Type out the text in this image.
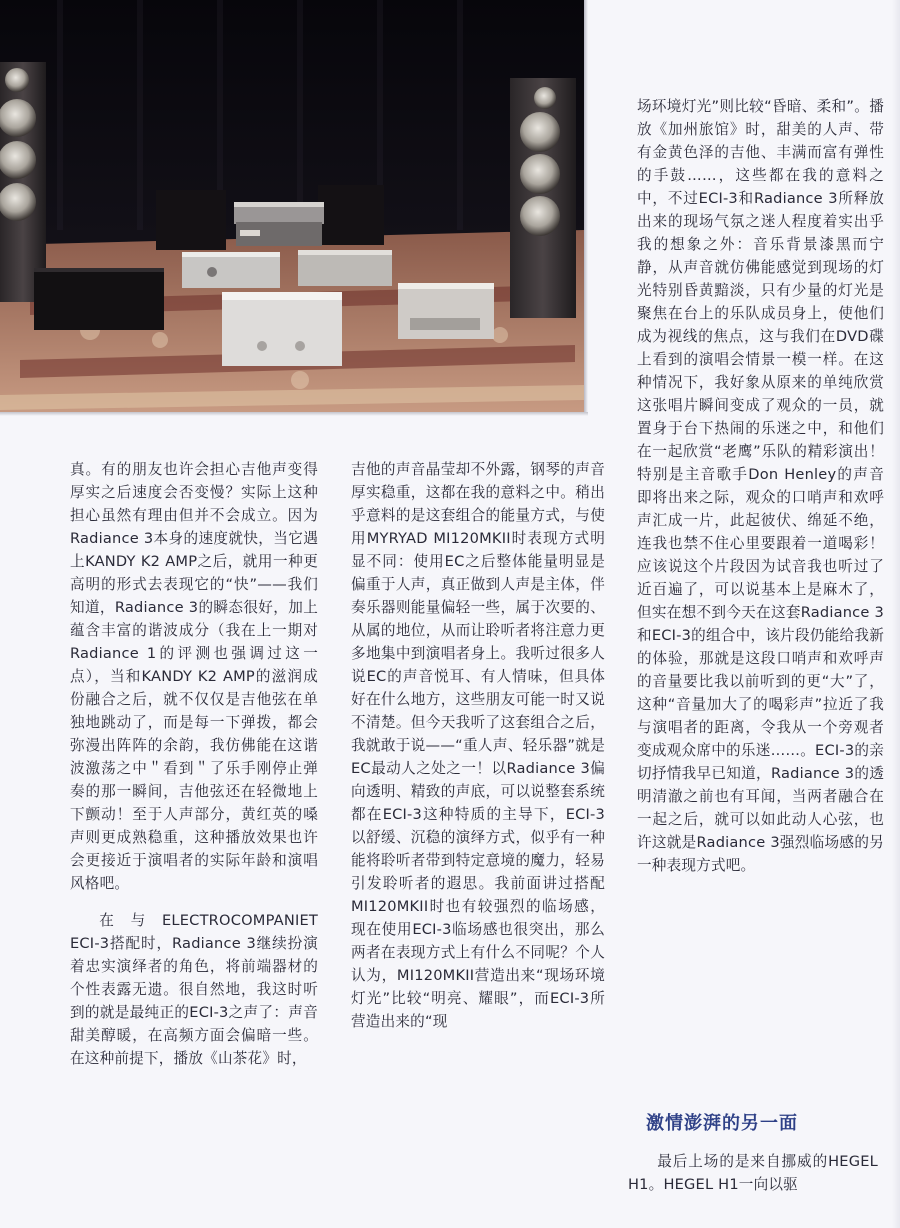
真。有的朋友也许会担心吉他声变得厚实之后速度会否变慢？实际上这种担心虽然有理由但并不会成立。因为Radiance 3本身的速度就快，当它遇上KANDY K2 AMP之后，就用一种更高明的形式去表现它的“快”——我们知道，Radiance 3的瞬态很好，加上蕴含丰富的谐波成分（我在上一期对Radiance 1的评测也强调过这一点），当和KANDY K2 AMP的滋润成份融合之后，就不仅仅是吉他弦在单独地跳动了，而是每一下弹拨，都会弥漫出阵阵的余韵，我仿佛能在这谐波激荡之中＂看到＂了乐手刚停止弹奏的那一瞬间，吉他弦还在轻微地上下颤动！至于人声部分，黄红英的嗓声则更成熟稳重，这种播放效果也许会更接近于演唱者的实际年龄和演唱风格吧。

在与ELECTROCOMPANIET ECI-3搭配时，Radiance 3继续扮演着忠实演绎者的角色，将前端器材的个性表露无遗。很自然地，我这时听到的就是最纯正的ECI-3之声了：声音甜美醇暖，在高频方面会偏暗一些。在这种前提下，播放《山茶花》时，

吉他的声音晶莹却不外露，钢琴的声音厚实稳重，这都在我的意料之中。稍出乎意料的是这套组合的能量方式，与使用MYRYAD MI120MKII时表现方式明显不同：使用EC之后整体能量明显是偏重于人声，真正做到人声是主体，伴奏乐器则能量偏轻一些，属于次要的、从属的地位，从而让聆听者将注意力更多地集中到演唱者身上。我听过很多人说EC的声音悦耳、有人情味，但具体好在什么地方，这些朋友可能一时又说不清楚。但今天我听了这套组合之后，我就敢于说——“重人声、轻乐器”就是EC最动人之处之一！以Radiance 3偏向透明、精致的声底，可以说整套系统都在ECI-3这种特质的主导下，ECI-3以舒缓、沉稳的演绎方式，似乎有一种能将聆听者带到特定意境的魔力，轻易引发聆听者的遐思。我前面讲过搭配MI120MKII时也有较强烈的临场感，现在使用ECI-3临场感也很突出，那么两者在表现方式上有什么不同呢？个人认为，MI120MKII营造出来“现场环境灯光”比较“明亮、耀眼”，而ECI-3所营造出来的“现

场环境灯光”则比较“昏暗、柔和”。播放《加州旅馆》时，甜美的人声、带有金黄色泽的吉他、丰满而富有弹性的手鼓……，这些都在我的意料之中，不过ECI-3和Radiance 3所释放出来的现场气氛之迷人程度着实出乎我的想象之外：音乐背景漆黑而宁静，从声音就仿佛能感觉到现场的灯光特别昏黄黯淡，只有少量的灯光是聚焦在台上的乐队成员身上，使他们成为视线的焦点，这与我们在DVD碟上看到的演唱会情景一模一样。在这种情况下，我好象从原来的单纯欣赏这张唱片瞬间变成了观众的一员，就置身于台下热闹的乐迷之中，和他们在一起欣赏“老鹰”乐队的精彩演出！特别是主音歌手Don Henley的声音即将出来之际，观众的口哨声和欢呼声汇成一片，此起彼伏、绵延不绝，连我也禁不住心里要跟着一道喝彩！应该说这个片段因为试音我也听过了近百遍了，可以说基本上是麻木了，但实在想不到今天在这套Radiance 3和ECI-3的组合中，该片段仍能给我新的体验，那就是这段口哨声和欢呼声的音量要比我以前听到的更“大”了，这种“音量加大了的喝彩声”拉近了我与演唱者的距离，令我从一个旁观者变成观众席中的乐迷……。ECI-3的亲切抒情我早已知道，Radiance 3的透明清澈之前也有耳闻，当两者融合在一起之后，就可以如此动人心弦，也许这就是Radiance 3强烈临场感的另一种表现方式吧。

激情澎湃的另一面

最后上场的是来自挪威的HEGEL H1。HEGEL H1一向以驱
